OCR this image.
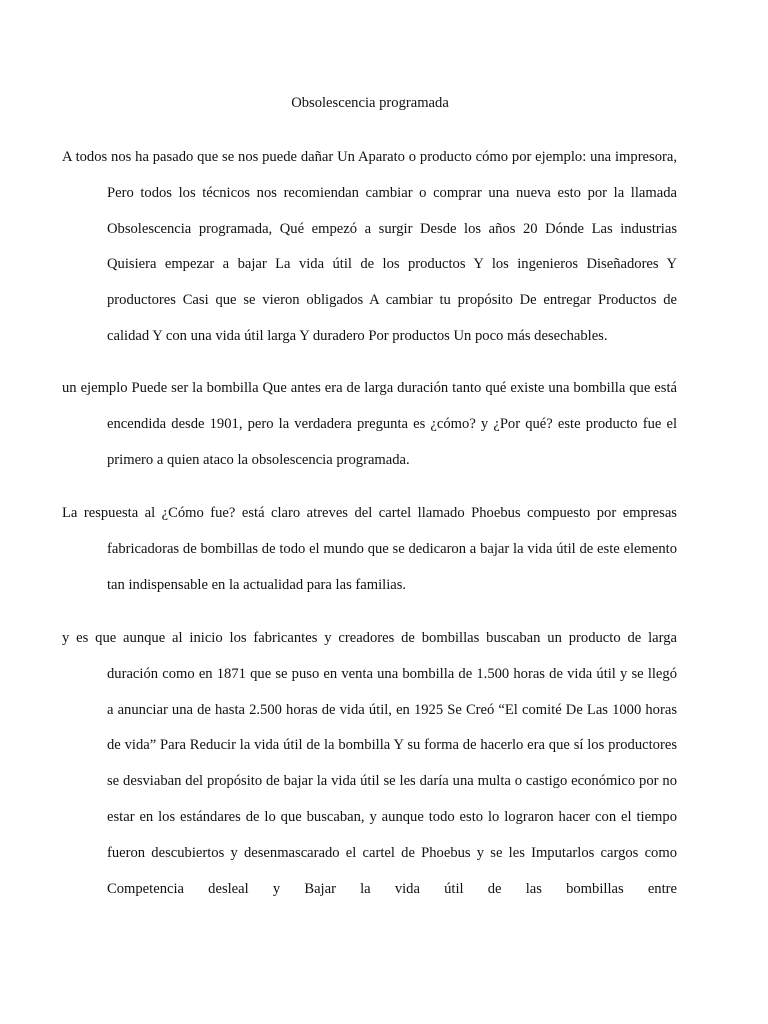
Obsolescencia programada

A todos nos ha pasado que se nos puede dañar Un Aparato o producto cómo por ejemplo: una impresora, Pero todos los técnicos nos recomiendan cambiar o comprar una nueva esto por la llamada Obsolescencia programada, Qué empezó a surgir Desde los años 20 Dónde Las industrias Quisiera empezar a bajar La vida útil de los productos Y los ingenieros Diseñadores Y productores Casi que se vieron obligados A cambiar tu propósito De entregar Productos de calidad Y con una vida útil larga Y duradero Por productos Un poco más desechables.

un ejemplo Puede ser la bombilla Que antes era de larga duración tanto qué existe una bombilla que está encendida desde 1901, pero la verdadera pregunta es ¿cómo? y ¿Por qué? este producto fue el primero a quien ataco la obsolescencia programada.

La respuesta al ¿Cómo fue? está claro atreves del cartel llamado Phoebus compuesto por empresas fabricadoras de bombillas de todo el mundo que se dedicaron a bajar la vida útil de este elemento tan indispensable en la actualidad para las familias.

y es que aunque al inicio los fabricantes y creadores de bombillas buscaban un producto de larga duración como en 1871 que se puso en venta una bombilla de 1.500 horas de vida útil y se llegó a anunciar una de hasta 2.500 horas de vida útil, en 1925 Se Creó “El comité De Las 1000 horas de vida” Para Reducir la vida útil de la bombilla Y su forma de hacerlo era que sí los productores se desviaban del propósito de bajar la vida útil se les daría una multa o castigo económico por no estar en los estándares de lo que buscaban, y aunque todo esto lo lograron hacer con el tiempo fueron descubiertos y desenmascarado el cartel de Phoebus y se les Imputarlos cargos como Competencia desleal y Bajar la vida útil de las bombillas entre
